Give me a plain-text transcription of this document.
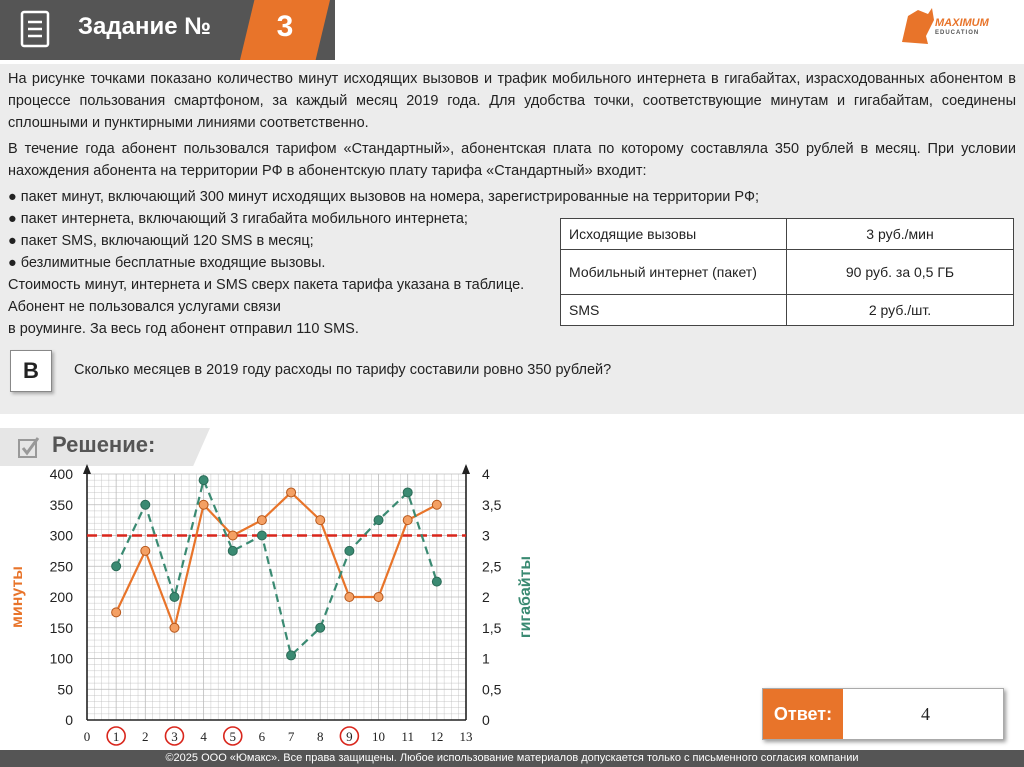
Задание №	3	MAXIMUM
EDUCATION
На рисунке точками показано количество минут исходящих вызовов и трафик мобильного интернета в гигабайтах, израсходованных абонентом в процессе пользования смартфоном, за каждый месяц 2019 года. Для удобства точки, соответствующие минутам и гигабайтам, соединены сплошными и пунктирными линиями соответственно.
В течение года абонент пользовался тарифом «Стандартный», абонентская плата по которому составляла 350 рублей в месяц. При условии нахождения абонента на территории РФ в абонентскую плату тарифа «Стандартный» входит:
● пакет минут, включающий 300 минут исходящих вызовов на номера, зарегистрированные на территории РФ;
● пакет интернета, включающий 3 гигабайта мобильного интернета;
● пакет SMS, включающий 120 SMS в месяц;
● безлимитные бесплатные входящие вызовы.
Стоимость минут, интернета и SMS сверх пакета тарифа указана в таблице.
Абонент не пользовался услугами связи
в роуминге. За весь год абонент отправил 110 SMS.
Исходящие вызовы	3 руб./мин
Мобильный интернет (пакет)	90 руб. за 0,5 ГБ
SMS	2 руб./шт.
В	Сколько месяцев в 2019 году расходы по тарифу составили ровно 350 рублей?
Решение:
0
50
100
150
200
250
300
350
400
0
0,5
1
1,5
2
2,5
3
3,5
4
0 1 2 3 4 5 6 7 8 9 10 11 12 13
минуты	гигабайты
Ответ:	4
©2025 ООО «Юмакс». Все права защищены. Любое использование материалов допускается только с письменного согласия компании
